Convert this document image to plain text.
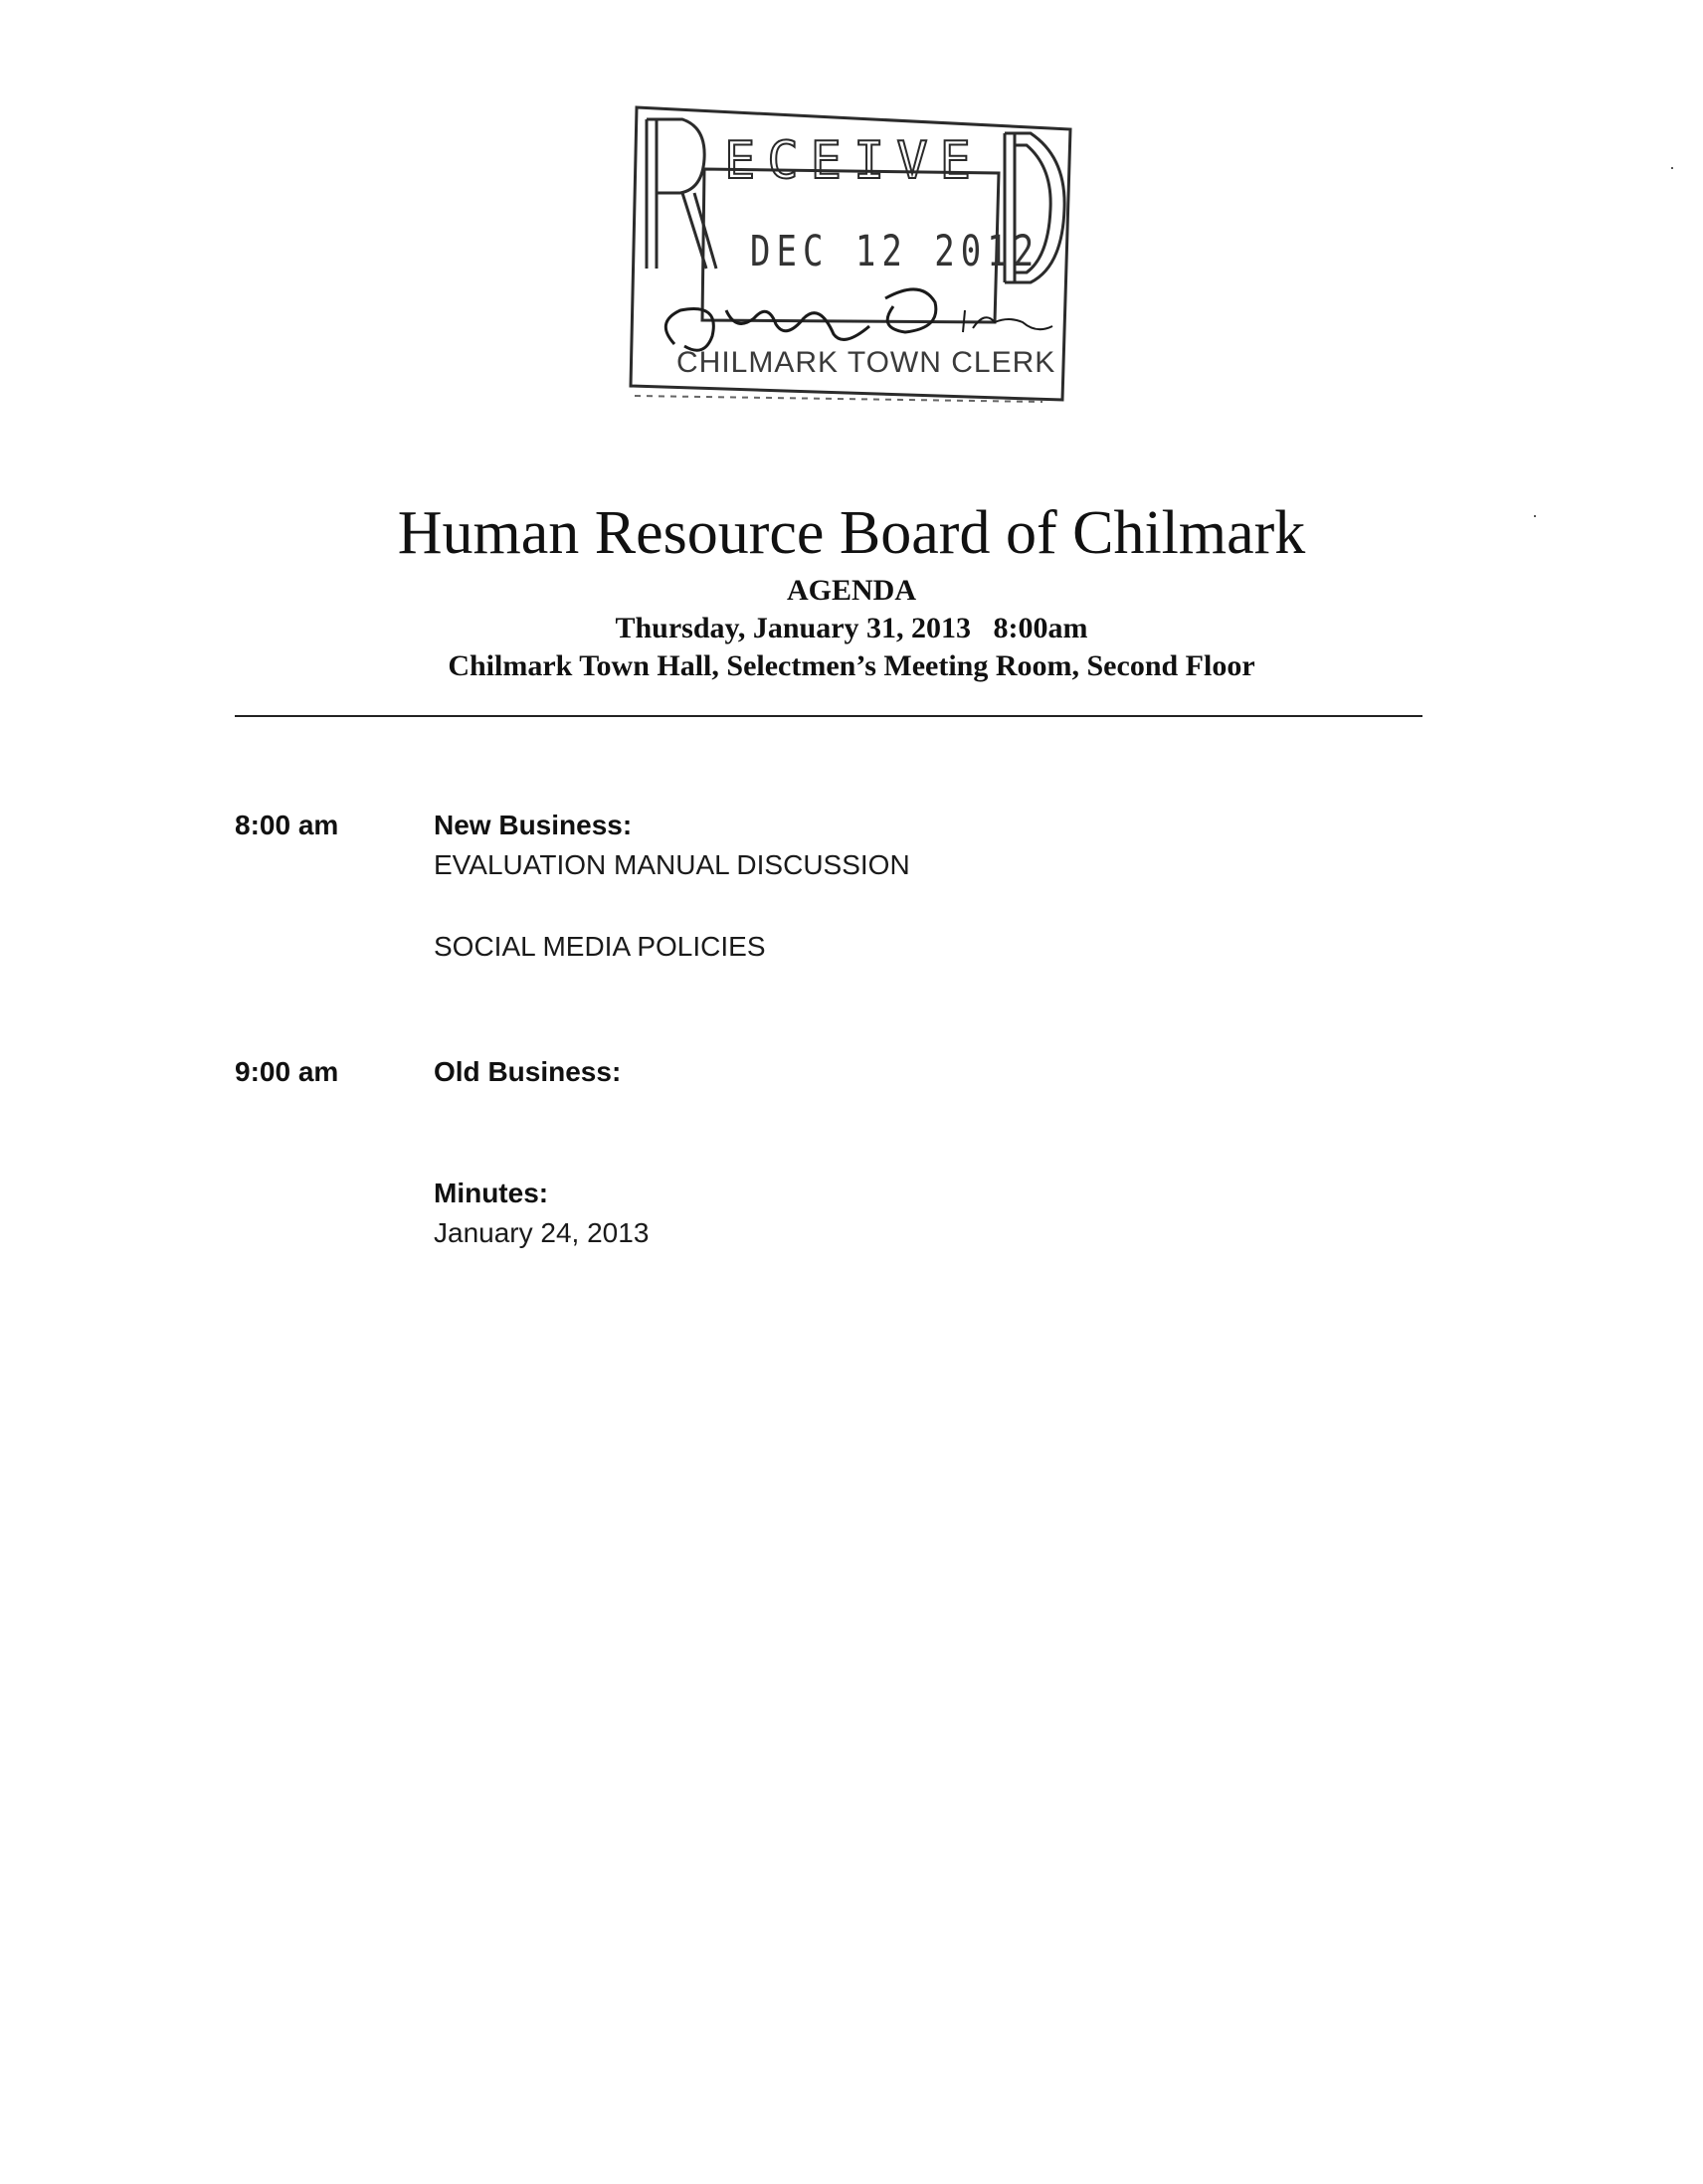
E C E I V E
DEC 12 2012
CHILMARK TOWN CLERK
Human Resource Board of Chilmark
AGENDA
Thursday, January 31, 2013   8:00am
Chilmark Town Hall, Selectmen’s Meeting Room, Second Floor
8:00 am	New Business:
EVALUATION MANUAL DISCUSSION
SOCIAL MEDIA POLICIES
9:00 am	Old Business:
Minutes:
January 24, 2013
